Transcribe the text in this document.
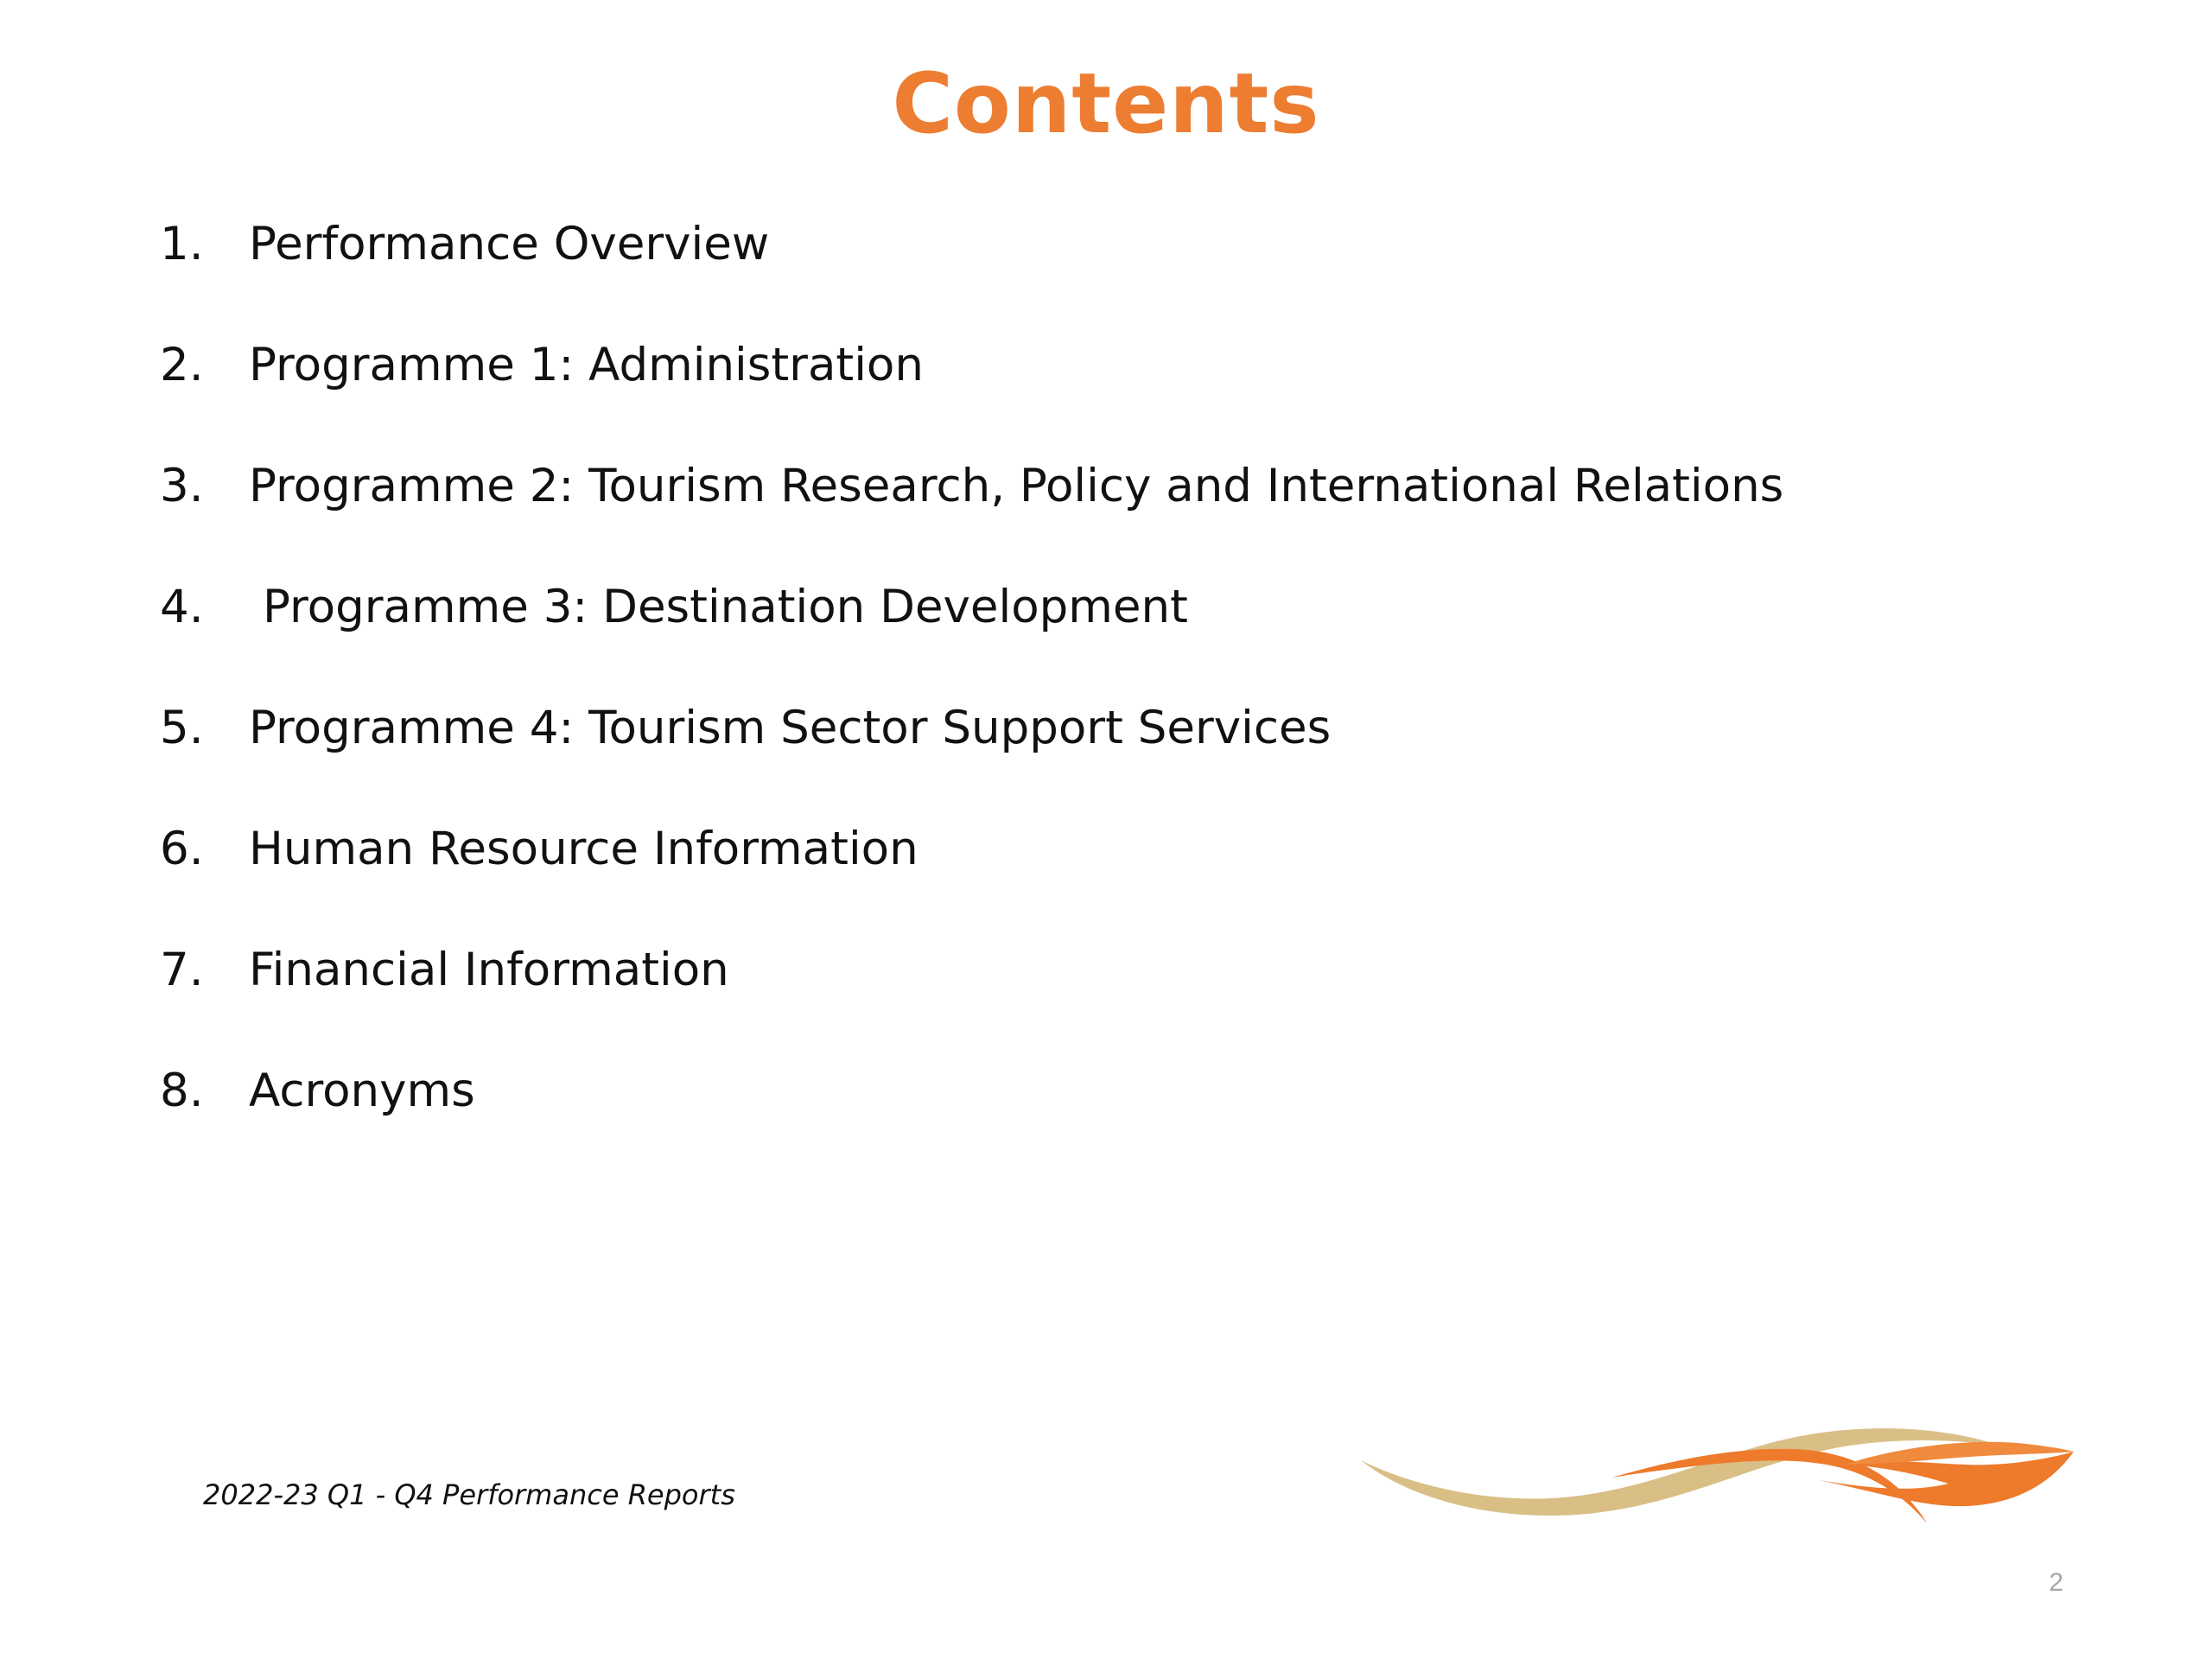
Contents
1. Performance Overview
2. Programme 1: Administration
3. Programme 2: Tourism Research, Policy and International Relations
4. Programme 3: Destination Development
5. Programme 4: Tourism Sector Support Services
6. Human Resource Information
7. Financial Information
8. Acronyms
2022-23 Q1 - Q4 Performance Reports
2
